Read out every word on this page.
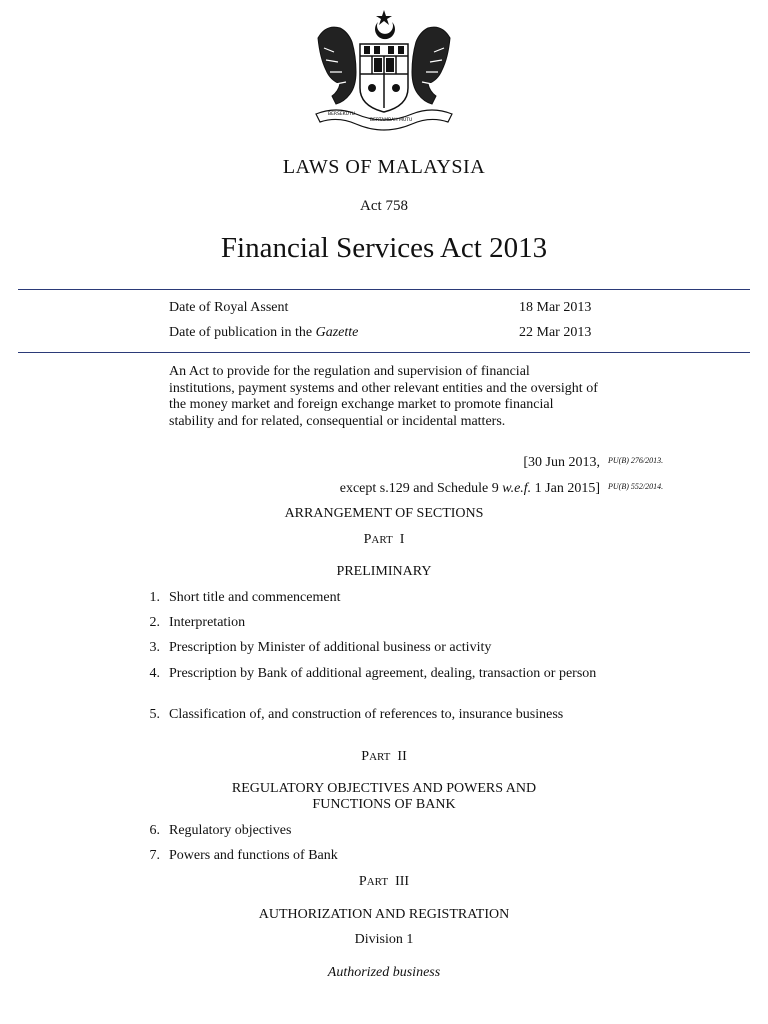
BERSEKUTU
BERTAMBAH MUTU
LAWS OF MALAYSIA
Act 758
Financial Services Act 2013
Date of Royal Assent	18 Mar 2013
Date of publication in the Gazette	22 Mar 2013
An Act to provide for the regulation and supervision of financial institutions, payment systems and other relevant entities and the oversight of the money market and foreign exchange market to promote financial stability and for related, consequential or incidental matters.
[30 Jun 2013, PU(B) 276/2013.
except s.129 and Schedule 9 w.e.f. 1 Jan 2015] PU(B) 552/2014.
ARRANGEMENT OF SECTIONS
PART I
PRELIMINARY
1. Short title and commencement
2. Interpretation
3. Prescription by Minister of additional business or activity
4. Prescription by Bank of additional agreement, dealing, transaction or person
5. Classification of, and construction of references to, insurance business
PART II
REGULATORY OBJECTIVES AND POWERS AND
FUNCTIONS OF BANK
6. Regulatory objectives
7. Powers and functions of Bank
PART III
AUTHORIZATION AND REGISTRATION
Division 1
Authorized business
